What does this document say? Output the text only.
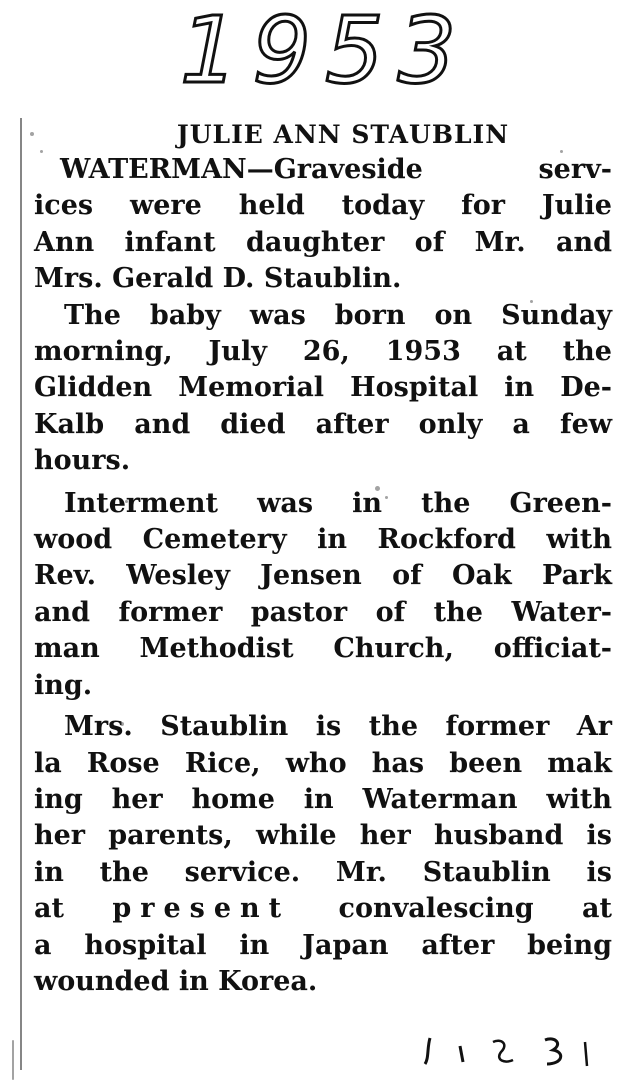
1953
JULIE ANN STAUBLIN
WATERMAN—Graveside serv-
ices were held today for Julie
Ann infant daughter of Mr. and
Mrs. Gerald D. Staublin.
The baby was born on Sunday
morning, July 26, 1953 at the
Glidden Memorial Hospital in De-
Kalb and died after only a few
hours.
Interment was in the Green-
wood Cemetery in Rockford with
Rev. Wesley Jensen of Oak Park
and former pastor of the Water-
man Methodist Church, officiat-
ing.
Mrs. Staublin is the former Ar
la Rose Rice, who has been mak
ing her home in Waterman with
her parents, while her husband is
in the service. Mr. Staublin is
at present convalescing at
a hospital in Japan after being
wounded in Korea.
